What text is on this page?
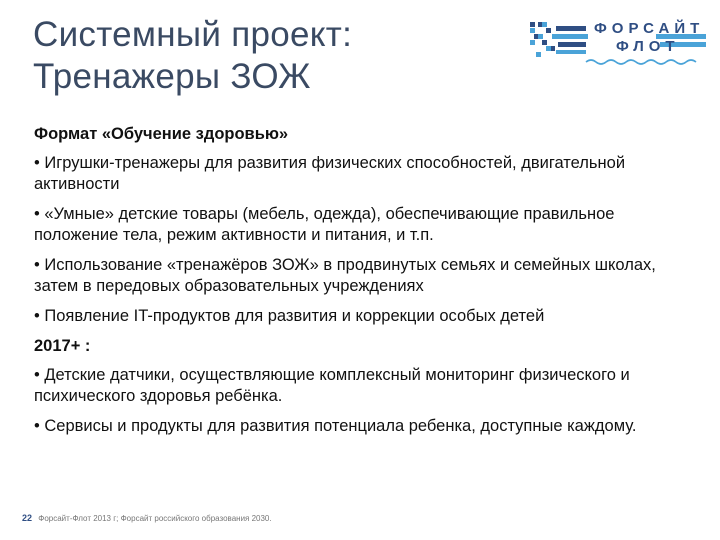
Системный проект:
Тренажеры ЗОЖ
ФОРСАЙТ
ФЛОТ
Формат «Обучение здоровью»
• Игрушки-тренажеры для развития физических способностей, двигательной активности
• «Умные» детские товары (мебель, одежда), обеспечивающие правильное положение тела, режим активности и питания, и т.п.
• Использование «тренажёров ЗОЖ» в продвинутых семьях и семейных школах, затем в передовых образовательных учреждениях
• Появление IT-продуктов для развития и коррекции особых детей
2017+ :
• Детские датчики, осуществляющие комплексный мониторинг физического и психического здоровья ребёнка.
• Сервисы и продукты для развития потенциала ребенка, доступные каждому.
22 Форсайт-Флот 2013 г; Форсайт российского образования 2030.
